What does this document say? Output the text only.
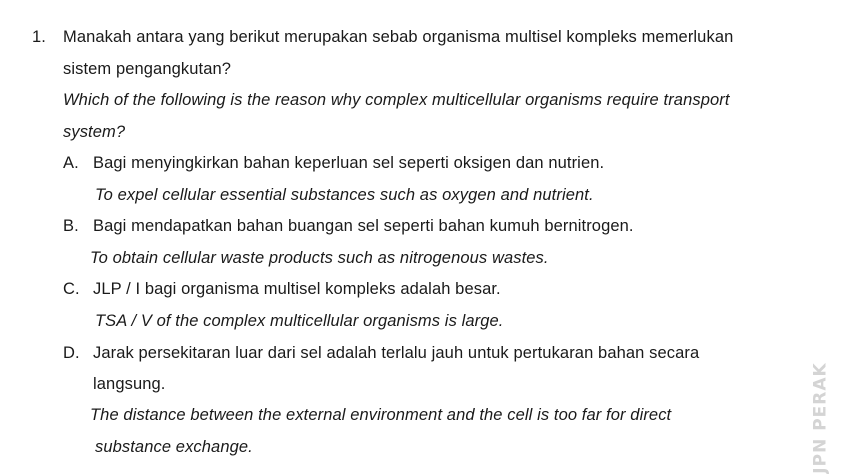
1. Manakah antara yang berikut merupakan sebab organisma multisel kompleks memerlukan
sistem pengangkutan?
Which of the following is the reason why complex multicellular organisms require transport
system?
A. Bagi menyingkirkan bahan keperluan sel seperti oksigen dan nutrien.
To expel cellular essential substances such as oxygen and nutrient.
B. Bagi mendapatkan bahan buangan sel seperti bahan kumuh bernitrogen.
To obtain cellular waste products such as nitrogenous wastes.
C. JLP / I bagi organisma multisel kompleks adalah besar.
TSA / V of the complex multicellular organisms is large.
D. Jarak persekitaran luar dari sel adalah terlalu jauh untuk pertukaran bahan secara
langsung.
The distance between the external environment and the cell is too far for direct
substance exchange.	JPN PERAK
